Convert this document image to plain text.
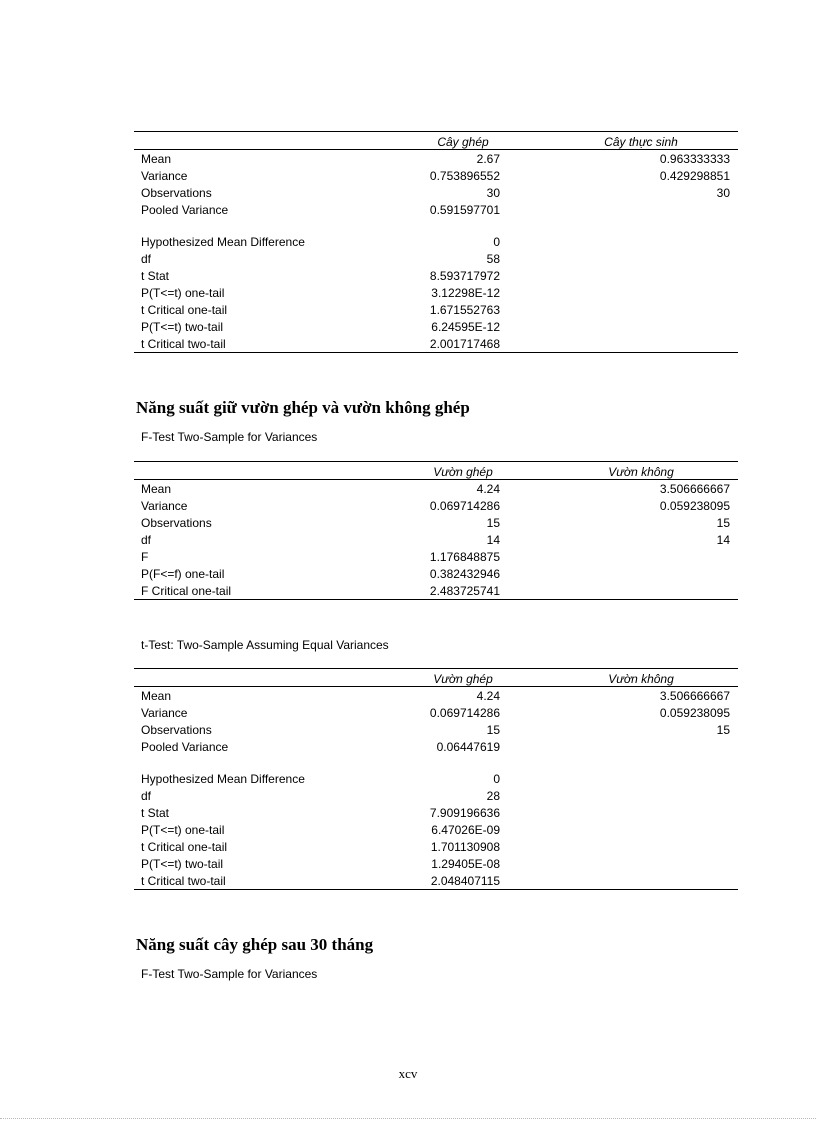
	Cây ghép	Cây thực sinh
Mean	2.67	0.963333333
Variance	0.753896552	0.429298851
Observations	30	30
Pooled Variance	0.591597701	
Hypothesized Mean Difference	0	
df	58	
t Stat	8.593717972	
P(T<=t) one-tail	3.12298E-12	
t Critical one-tail	1.671552763	
P(T<=t) two-tail	6.24595E-12	
t Critical two-tail	2.001717468	
Năng suất giữ vườn ghép và vườn không ghép
F-Test Two-Sample for Variances
	Vườn ghép	Vườn không
Mean	4.24	3.506666667
Variance	0.069714286	0.059238095
Observations	15	15
df	14	14
F	1.176848875	
P(F<=f) one-tail	0.382432946	
F Critical one-tail	2.483725741	
t-Test: Two-Sample Assuming Equal Variances
	Vườn ghép	Vườn không
Mean	4.24	3.506666667
Variance	0.069714286	0.059238095
Observations	15	15
Pooled Variance	0.06447619	
Hypothesized Mean Difference	0	
df	28	
t Stat	7.909196636	
P(T<=t) one-tail	6.47026E-09	
t Critical one-tail	1.701130908	
P(T<=t) two-tail	1.29405E-08	
t Critical two-tail	2.048407115	
Năng suất cây ghép sau 30 tháng
F-Test Two-Sample for Variances
xcv
